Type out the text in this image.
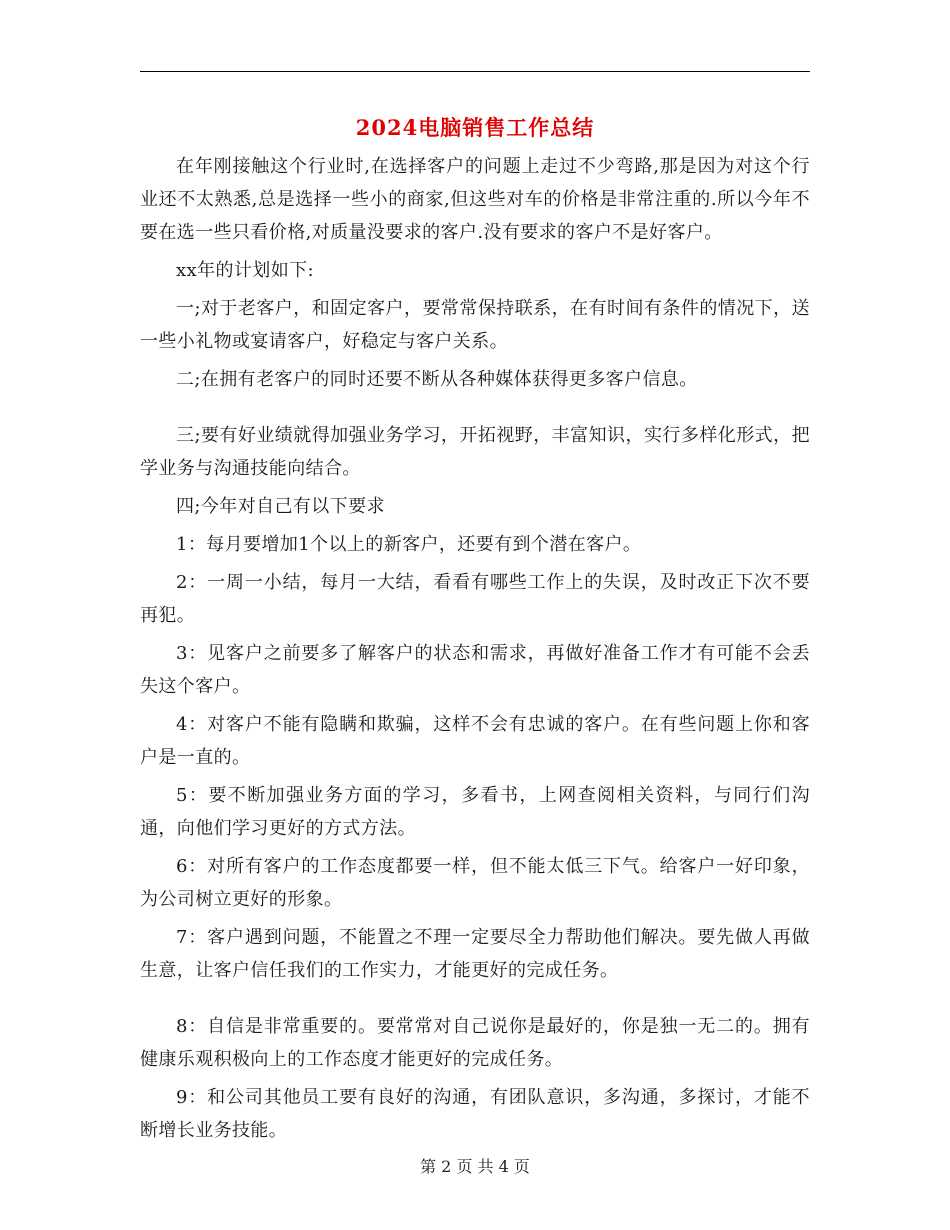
2024电脑销售工作总结

在年刚接触这个行业时,在选择客户的问题上走过不少弯路,那是因为对这个行业还不太熟悉,总是选择一些小的商家,但这些对车的价格是非常注重的.所以今年不要在选一些只看价格,对质量没要求的客户.没有要求的客户不是好客户。

xx年的计划如下:

一;对于老客户，和固定客户，要常常保持联系，在有时间有条件的情况下，送一些小礼物或宴请客户，好稳定与客户关系。

二;在拥有老客户的同时还要不断从各种媒体获得更多客户信息。

三;要有好业绩就得加强业务学习，开拓视野，丰富知识，实行多样化形式，把学业务与沟通技能向结合。

四;今年对自己有以下要求

1：每月要增加1个以上的新客户，还要有到个潜在客户。

2：一周一小结，每月一大结，看看有哪些工作上的失误，及时改正下次不要再犯。

3：见客户之前要多了解客户的状态和需求，再做好准备工作才有可能不会丢失这个客户。

4：对客户不能有隐瞒和欺骗，这样不会有忠诚的客户。在有些问题上你和客户是一直的。

5：要不断加强业务方面的学习，多看书，上网查阅相关资料，与同行们沟通，向他们学习更好的方式方法。

6：对所有客户的工作态度都要一样，但不能太低三下气。给客户一好印象，为公司树立更好的形象。

7：客户遇到问题，不能置之不理一定要尽全力帮助他们解决。要先做人再做生意，让客户信任我们的工作实力，才能更好的完成任务。

8：自信是非常重要的。要常常对自己说你是最好的，你是独一无二的。拥有健康乐观积极向上的工作态度才能更好的完成任务。

9：和公司其他员工要有良好的沟通，有团队意识，多沟通，多探讨，才能不断增长业务技能。

第 2 页 共 4 页
